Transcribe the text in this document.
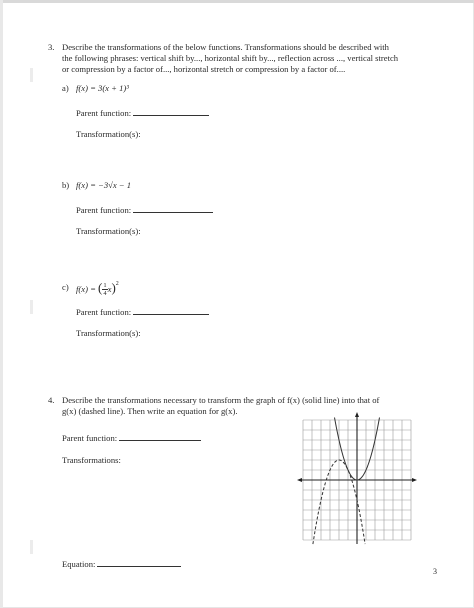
3. Describe the transformations of the below functions. Transformations should be described with
the following phrases: vertical shift by..., horizontal shift by..., reflection across ..., vertical stretch
or compression by a factor of..., horizontal stretch or compression by a factor of....
a) f(x) = 3(x + 1)³
Parent function:
Transformation(s):
b) f(x) = −3√x − 1
Parent function:
Transformation(s):
c) f(x) = ( $\frac{1}{4} x)^2$
Parent function:
Transformation(s):
4. Describe the transformations necessary to transform the graph of f(x) (solid line) into that of
g(x) (dashed line). Then write an equation for g(x).
Parent function:
Transformations:
Equation:
3
